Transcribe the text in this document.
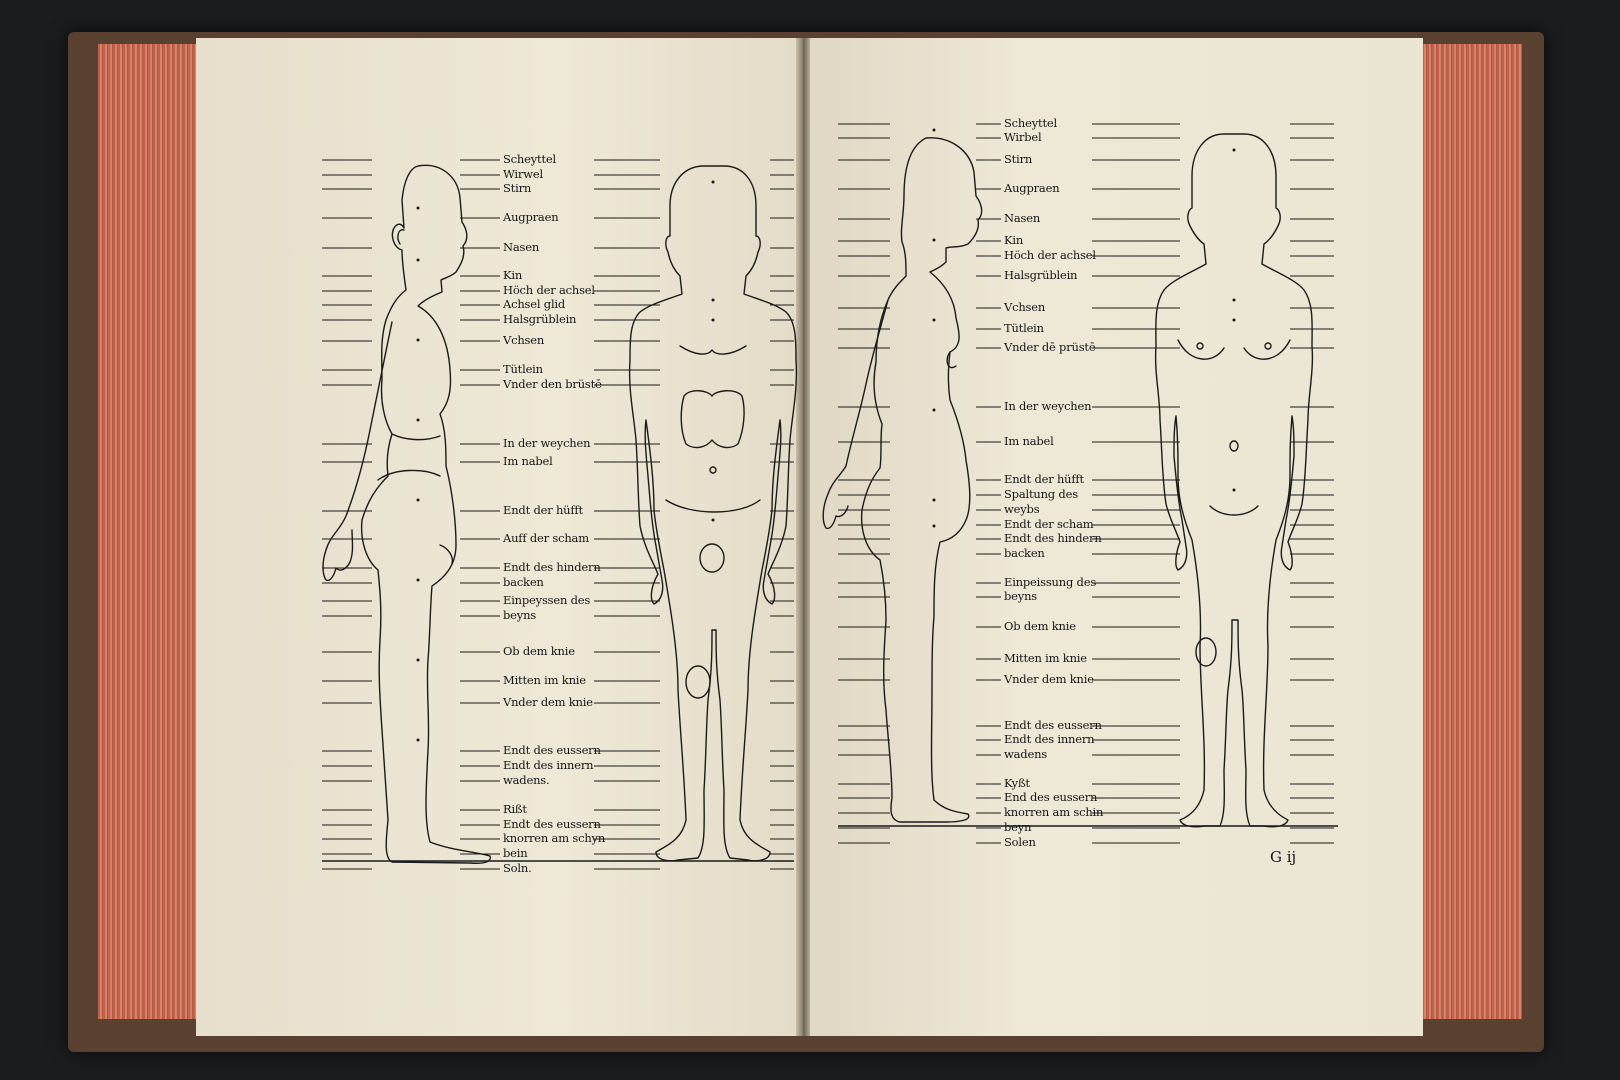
Scheyttel
Wirwel
Stirn
Augpraen
Nasen
Kin
Höch der achsel
Achsel glid
Halsgrüblein
Vchsen
Tütlein
Vnder den brüstē
In der weychen
Im nabel
Endt der hüfft
Auff der scham
Endt des hindern
backen
Einpeyssen des
beyns
Ob dem knie
Mitten im knie
Vnder dem knie
Endt des eussern
Endt des innern
wadens.
Rißt
Endt des eussern
knorren am schyn
bein
Soln.
Scheyttel
Wirbel
Stirn
Augpraen
Nasen
Kin
Höch der achsel
Halsgrüblein
Vchsen
Tütlein
Vnder dē prüstē
In der weychen
Im nabel
Endt der hüfft
Spaltung des
weybs
Endt der scham
Endt des hindern
backen
Einpeissung des
beyns
Ob dem knie
Mitten im knie
Vnder dem knie
Endt des eussern
Endt des innern
wadens
Kyßt
End des eussern
knorren am schin
beyn
Solen
G ij
